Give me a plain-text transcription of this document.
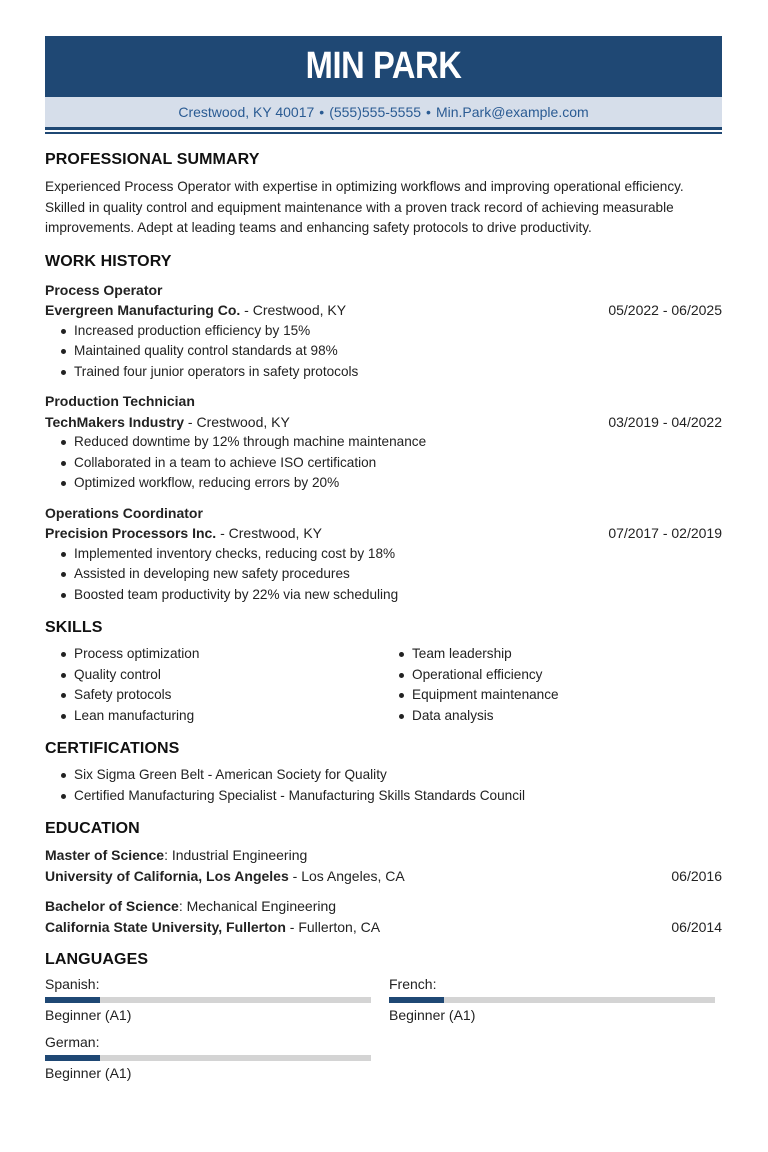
MIN PARK
Crestwood, KY 40017 • (555)555-5555 • Min.Park@example.com
PROFESSIONAL SUMMARY

Experienced Process Operator with expertise in optimizing workflows and improving operational efficiency. Skilled in quality control and equipment maintenance with a proven track record of achieving measurable improvements. Adept at leading teams and enhancing safety protocols to drive productivity.

WORK HISTORY
Process Operator
Evergreen Manufacturing Co. - Crestwood, KY	05/2022 - 06/2025
Increased production efficiency by 15%
Maintained quality control standards at 98%
Trained four junior operators in safety protocols
Production Technician
TechMakers Industry - Crestwood, KY	03/2019 - 04/2022
Reduced downtime by 12% through machine maintenance
Collaborated in a team to achieve ISO certification
Optimized workflow, reducing errors by 20%
Operations Coordinator
Precision Processors Inc. - Crestwood, KY	07/2017 - 02/2019
Implemented inventory checks, reducing cost by 18%
Assisted in developing new safety procedures
Boosted team productivity by 22% via new scheduling
SKILLS
Process optimization
Quality control
Safety protocols
Lean manufacturing
Team leadership
Operational efficiency
Equipment maintenance
Data analysis
CERTIFICATIONS
Six Sigma Green Belt - American Society for Quality
Certified Manufacturing Specialist - Manufacturing Skills Standards Council
EDUCATION
Master of Science: Industrial Engineering
University of California, Los Angeles - Los Angeles, CA	06/2016
Bachelor of Science: Mechanical Engineering
California State University, Fullerton - Fullerton, CA	06/2014
LANGUAGES
Spanish:
Beginner (A1)
French:
Beginner (A1)
German:
Beginner (A1)
